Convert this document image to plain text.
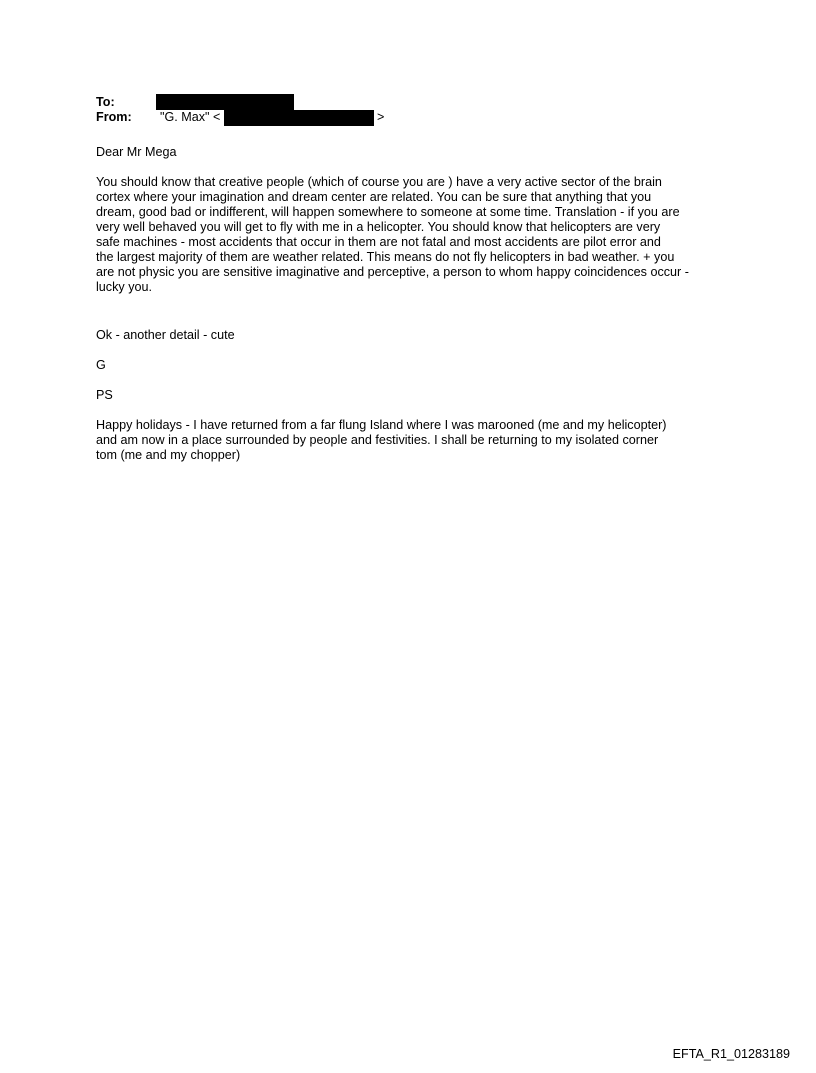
To:
From: "G. Max" <	>

Dear Mr Mega

You should know that creative people (which of course you are ) have a very active sector of the brain
cortex where your imagination and dream center are related. You can be sure that anything that you
dream, good bad or indifferent, will happen somewhere to someone at some time. Translation - if you are
very well behaved you will get to fly with me in a helicopter. You should know that helicopters are very
safe machines - most accidents that occur in them are not fatal and most accidents are pilot error and
the largest majority of them are weather related. This means do not fly helicopters in bad weather. + you
are not physic you are sensitive imaginative and perceptive, a person to whom happy coincidences occur -
lucky you.

Ok - another detail - cute

G

PS

Happy holidays - I have returned from a far flung Island where I was marooned (me and my helicopter)
and am now in a place surrounded by people and festivities. I shall be returning to my isolated corner
tom (me and my chopper)

EFTA_R1_01283189
